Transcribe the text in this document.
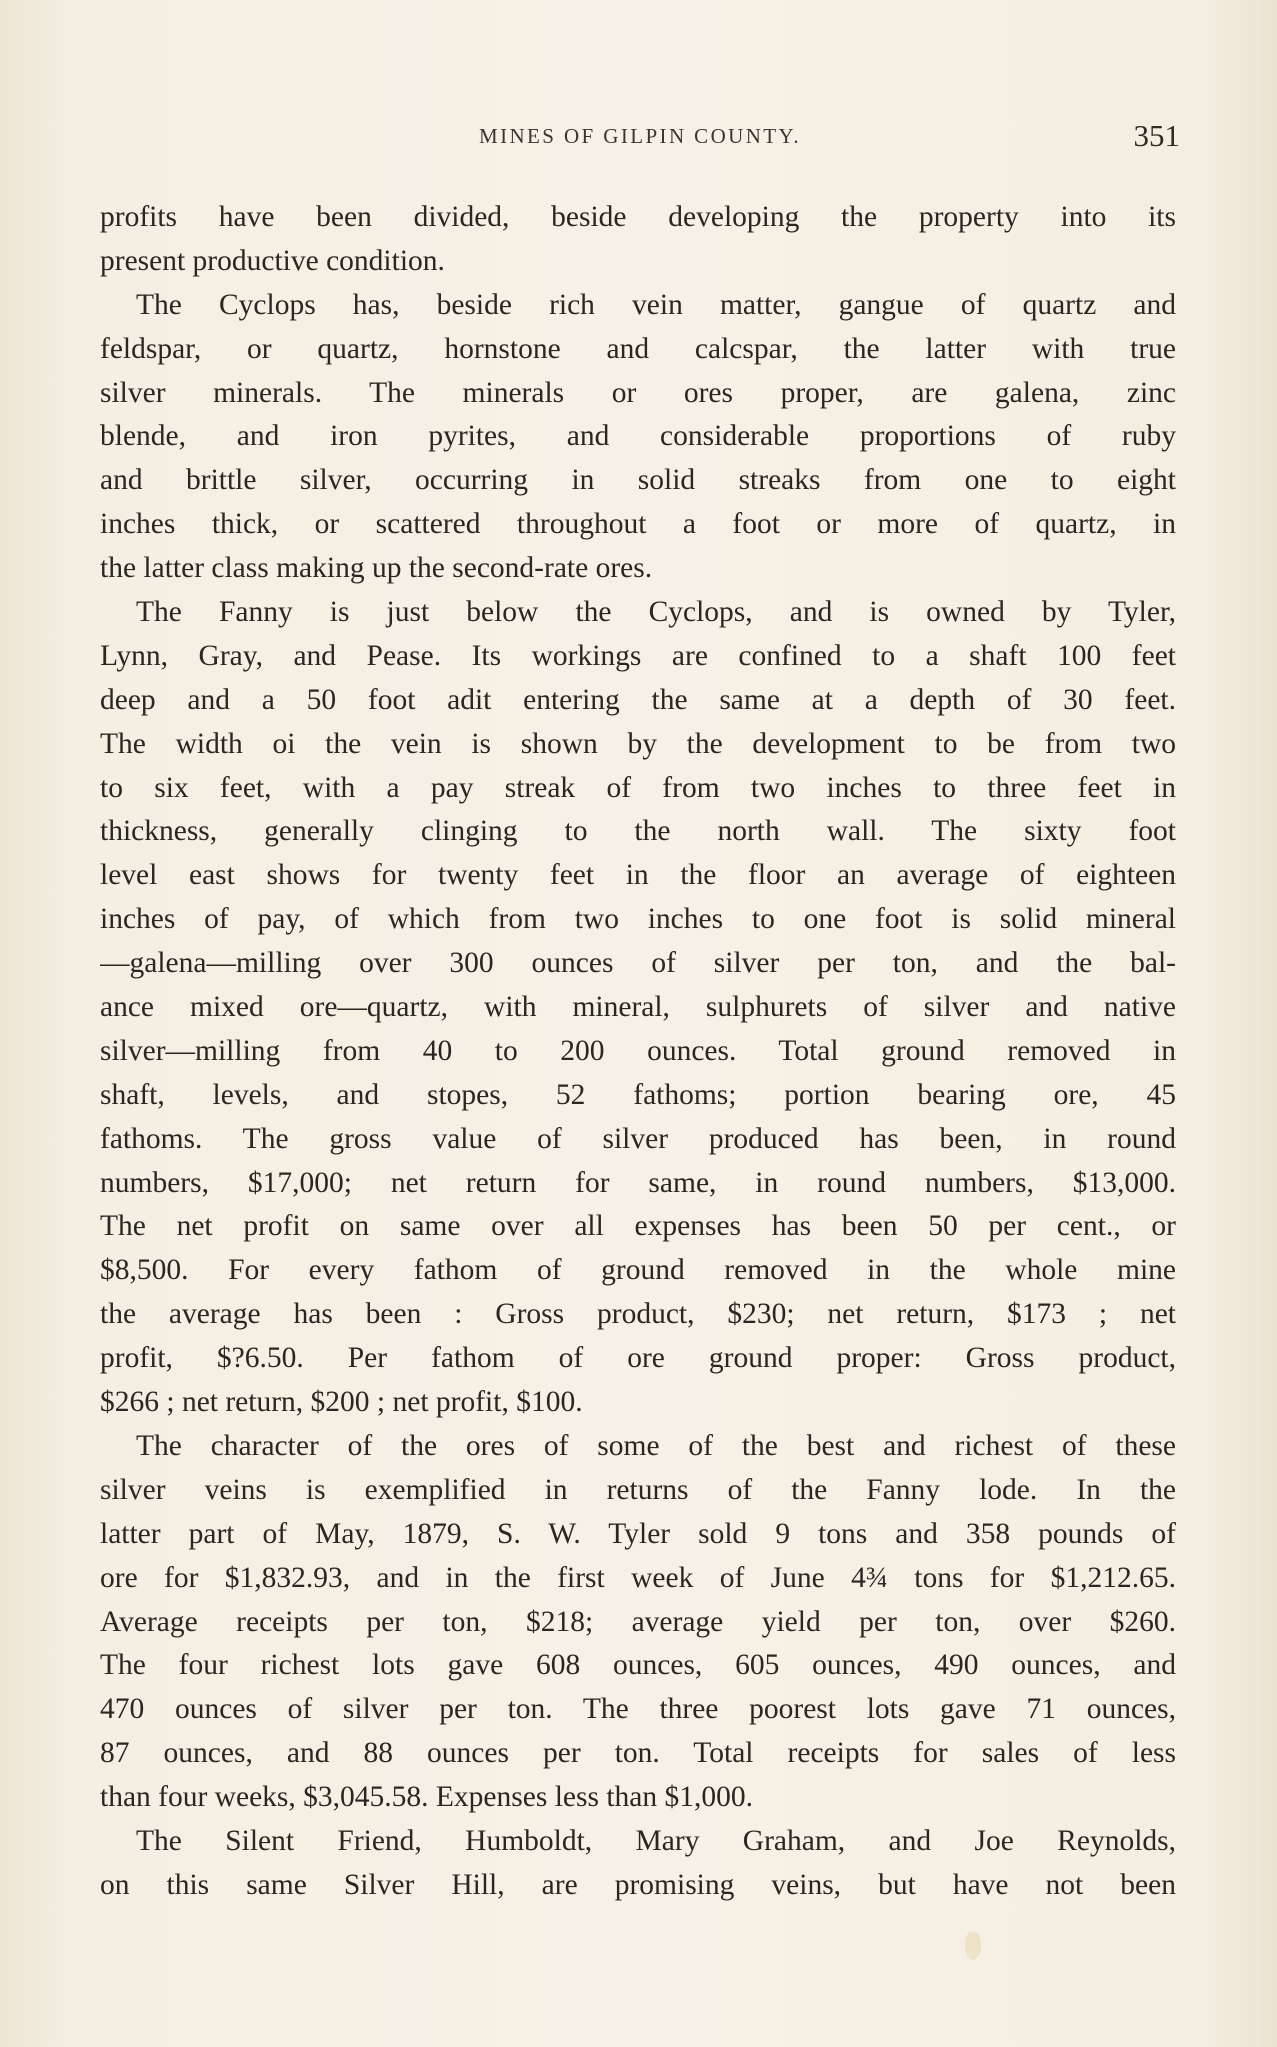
MINES OF GILPIN COUNTY.	351
profits have been divided, beside developing the property into its
present productive condition.
The Cyclops has, beside rich vein matter, gangue of quartz and
feldspar, or quartz, hornstone and calcspar, the latter with true
silver minerals. The minerals or ores proper, are galena, zinc
blende, and iron pyrites, and considerable proportions of ruby
and brittle silver, occurring in solid streaks from one to eight
inches thick, or scattered throughout a foot or more of quartz, in
the latter class making up the second-rate ores.
The Fanny is just below the Cyclops, and is owned by Tyler,
Lynn, Gray, and Pease. Its workings are confined to a shaft 100 feet
deep and a 50 foot adit entering the same at a depth of 30 feet.
The width oi the vein is shown by the development to be from two
to six feet, with a pay streak of from two inches to three feet in
thickness, generally clinging to the north wall. The sixty foot
level east shows for twenty feet in the floor an average of eighteen
inches of pay, of which from two inches to one foot is solid mineral
—galena—milling over 300 ounces of silver per ton, and the bal-
ance mixed ore—quartz, with mineral, sulphurets of silver and native
silver—milling from 40 to 200 ounces. Total ground removed in
shaft, levels, and stopes, 52 fathoms; portion bearing ore, 45
fathoms. The gross value of silver produced has been, in round
numbers, $17,000; net return for same, in round numbers, $13,000.
The net profit on same over all expenses has been 50 per cent., or
$8,500. For every fathom of ground removed in the whole mine
the average has been : Gross product, $230; net return, $173 ; net
profit, $?6.50. Per fathom of ore ground proper: Gross product,
$266 ; net return, $200 ; net profit, $100.
The character of the ores of some of the best and richest of these
silver veins is exemplified in returns of the Fanny lode. In the
latter part of May, 1879, S. W. Tyler sold 9 tons and 358 pounds of
ore for $1,832.93, and in the first week of June 4¾ tons for $1,212.65.
Average receipts per ton, $218; average yield per ton, over $260.
The four richest lots gave 608 ounces, 605 ounces, 490 ounces, and
470 ounces of silver per ton. The three poorest lots gave 71 ounces,
87 ounces, and 88 ounces per ton. Total receipts for sales of less
than four weeks, $3,045.58. Expenses less than $1,000.
The Silent Friend, Humboldt, Mary Graham, and Joe Reynolds,
on this same Silver Hill, are promising veins, but have not been
